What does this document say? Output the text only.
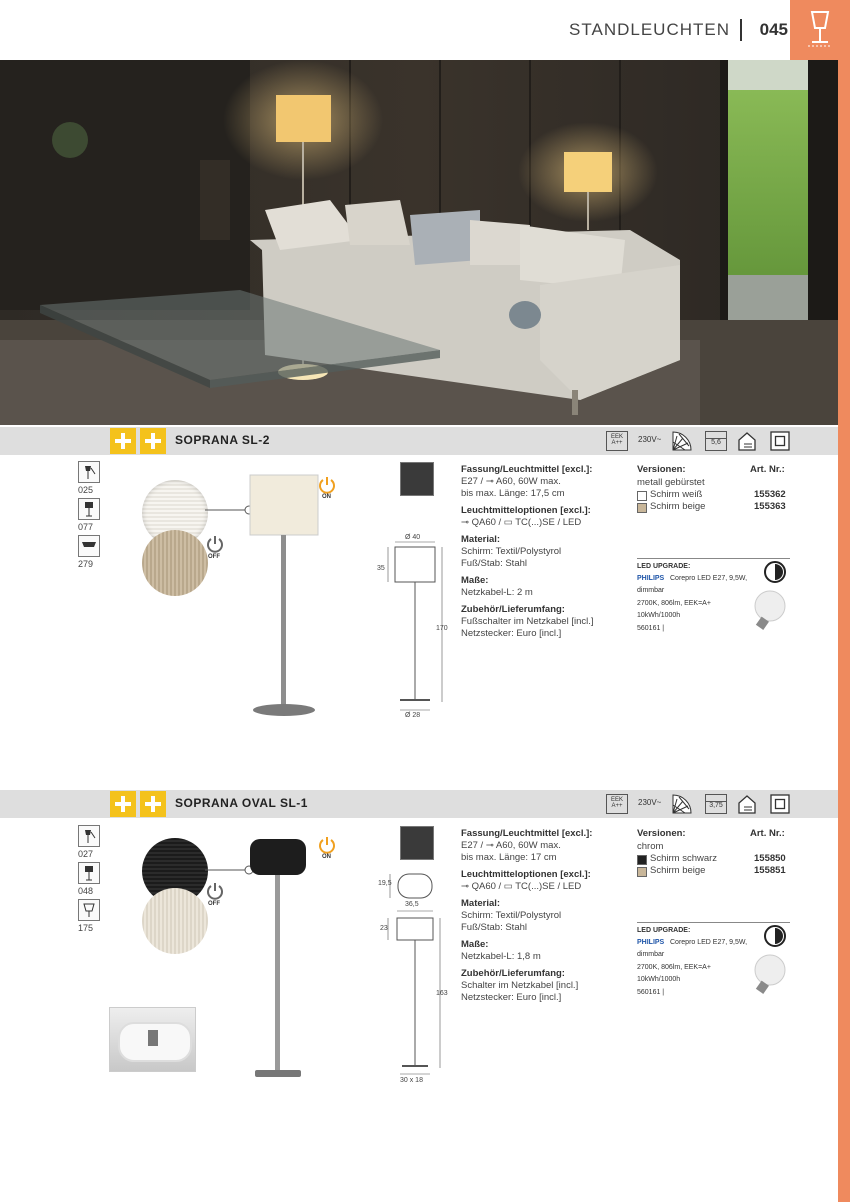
STANDLEUCHTEN 045
SOPRANA SL-2	EEK
A++	230V~	5,6
025
077
279
ON
OFF
Ø 40
35
170
Ø 28
Fassung/Leuchtmittel [excl.]:
E27 / ⊸ A60, 60W max.
bis max. Länge: 17,5 cm
Leuchtmitteloptionen [excl.]:
⊸ QA60 / ▭ TC(...)SE / LED
Material:
Schirm: Textil/Polystyrol
Fuß/Stab: Stahl
Maße:
Netzkabel-L: 2 m
Zubehör/Lieferumfang:
Fußschalter im Netzkabel [incl.]
Netzstecker: Euro [incl.]
Versionen:	Art. Nr.:
metall gebürstet
Schirm weiß	155362
Schirm beige	155363
LED UPGRADE:
PHILIPS Corepro LED E27, 9,5W,
dimmbar
2700K, 806lm, EEK=A+
10kWh/1000h
560161 |
SOPRANA OVAL SL-1	EEK
A++	230V~	3,75
027
048
175
ON
OFF
19,5
36,5
23
163
30 x 18
Fassung/Leuchtmittel [excl.]:
E27 / ⊸ A60, 60W max.
bis max. Länge: 17 cm
Leuchtmitteloptionen [excl.]:
⊸ QA60 / ▭ TC(...)SE / LED
Material:
Schirm: Textil/Polystyrol
Fuß/Stab: Stahl
Maße:
Netzkabel-L: 1,8 m
Zubehör/Lieferumfang:
Schalter im Netzkabel [incl.]
Netzstecker: Euro [incl.]
Versionen:	Art. Nr.:
chrom
Schirm schwarz	155850
Schirm beige	155851
LED UPGRADE:
PHILIPS Corepro LED E27, 9,5W,
dimmbar
2700K, 806lm, EEK=A+
10kWh/1000h
560161 |
